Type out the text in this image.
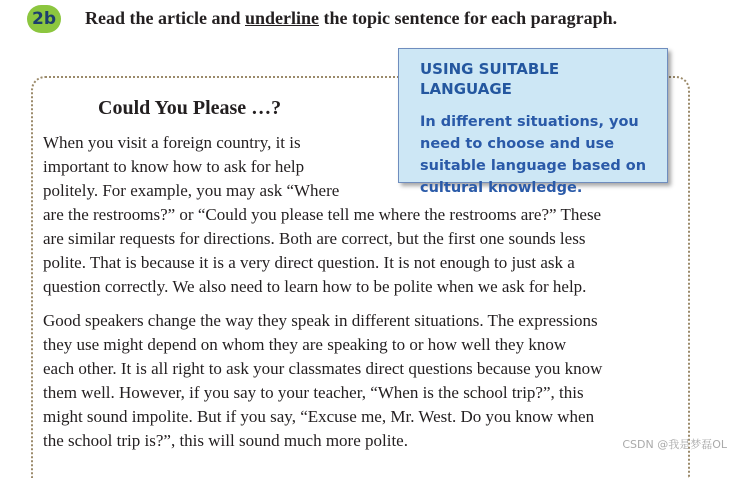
2b Read the article and underline the topic sentence for each paragraph.
Could You Please …?
When you visit a foreign country, it is
important to know how to ask for help
politely. For example, you may ask “Where
are the restrooms?” or “Could you please tell me where the restrooms are?” These
are similar requests for directions. Both are correct, but the first one sounds less
polite. That is because it is a very direct question. It is not enough to just ask a
question correctly. We also need to learn how to be polite when we ask for help.
Good speakers change the way they speak in different situations. The expressions
they use might depend on whom they are speaking to or how well they know
each other. It is all right to ask your classmates direct questions because you know
them well. However, if you say to your teacher, “When is the school trip?”, this
might sound impolite. But if you say, “Excuse me, Mr. West. Do you know when
the school trip is?”, this will sound much more polite.
USING SUITABLE LANGUAGE
In different situations, you
need to choose and use
suitable language based on
cultural knowledge.
CSDN @我是梦磊OL
